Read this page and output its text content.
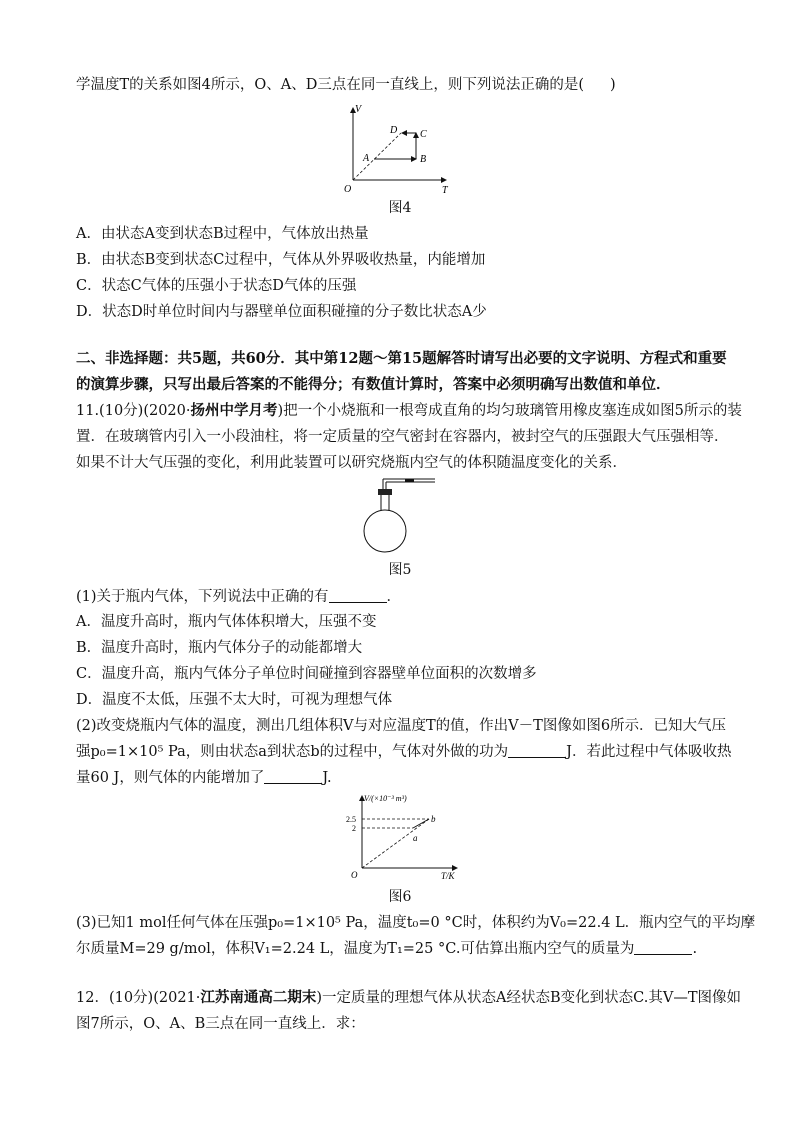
学温度T的关系如图4所示，O、A、D三点在同一直线上，则下列说法正确的是( )
V
T
O
A	B
C
D
图4
A．由状态A变到状态B过程中，气体放出热量
B．由状态B变到状态C过程中，气体从外界吸收热量，内能增加
C．状态C气体的压强小于状态D气体的压强
D．状态D时单位时间内与器壁单位面积碰撞的分子数比状态A少
二、非选择题：共5题，共60分．其中第12题～第15题解答时请写出必要的文字说明、方程式和重要
的演算步骤，只写出最后答案的不能得分；有数值计算时，答案中必须明确写出数值和单位．
11.(10分)(2020·扬州中学月考)把一个小烧瓶和一根弯成直角的均匀玻璃管用橡皮塞连成如图5所示的装
置．在玻璃管内引入一小段油柱，将一定质量的空气密封在容器内，被封空气的压强跟大气压强相等．
如果不计大气压强的变化，利用此装置可以研究烧瓶内空气的体积随温度变化的关系．
图5
(1)关于瓶内气体，下列说法中正确的有	．
A．温度升高时，瓶内气体体积增大，压强不变
B．温度升高时，瓶内气体分子的动能都增大
C．温度升高，瓶内气体分子单位时间碰撞到容器壁单位面积的次数增多
D．温度不太低，压强不太大时，可视为理想气体
(2)改变烧瓶内气体的温度，测出几组体积V与对应温度T的值，作出V－T图像如图6所示．已知大气压
强p₀=1×10⁵ Pa，则由状态a到状态b的过程中，气体对外做的功为	J．若此过程中气体吸收热
量60 J，则气体的内能增加了	J.
V/(×10⁻³ m³)
T/K
O
2.5
2
a
b
图6
(3)已知1 mol任何气体在压强p₀=1×10⁵ Pa，温度t₀=0 °C时，体积约为V₀=22.4 L．瓶内空气的平均摩
尔质量M=29 g/mol，体积V₁=2.24 L，温度为T₁=25 °C.可估算出瓶内空气的质量为	.
12．(10分)(2021·江苏南通高二期末)一定质量的理想气体从状态A经状态B变化到状态C.其V—T图像如
图7所示，O、A、B三点在同一直线上．求：
